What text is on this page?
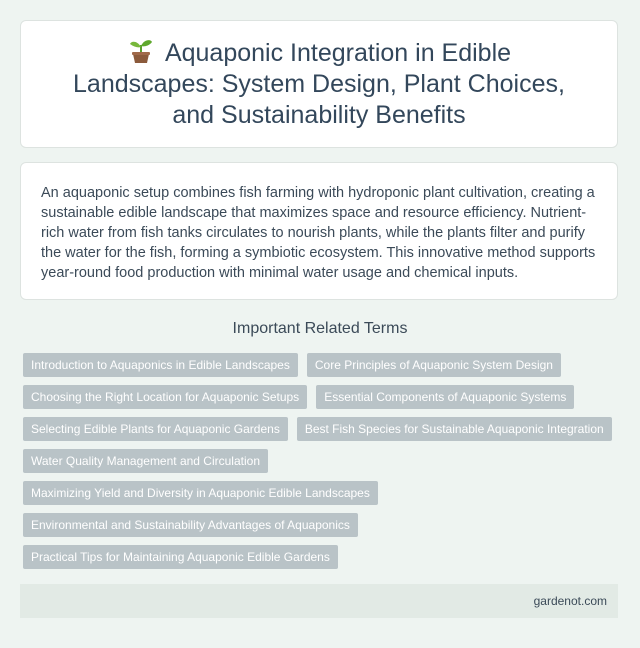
Aquaponic Integration in Edible Landscapes: System Design, Plant Choices, and Sustainability Benefits

An aquaponic setup combines fish farming with hydroponic plant cultivation, creating a sustainable edible landscape that maximizes space and resource efficiency. Nutrient-rich water from fish tanks circulates to nourish plants, while the plants filter and purify the water for the fish, forming a symbiotic ecosystem. This innovative method supports year-round food production with minimal water usage and chemical inputs.

Important Related Terms
Introduction to Aquaponics in Edible Landscapes	Core Principles of Aquaponic System Design
Choosing the Right Location for Aquaponic Setups	Essential Components of Aquaponic Systems
Selecting Edible Plants for Aquaponic Gardens	Best Fish Species for Sustainable Aquaponic Integration
Water Quality Management and Circulation
Maximizing Yield and Diversity in Aquaponic Edible Landscapes
Environmental and Sustainability Advantages of Aquaponics
Practical Tips for Maintaining Aquaponic Edible Gardens
gardenot.com
